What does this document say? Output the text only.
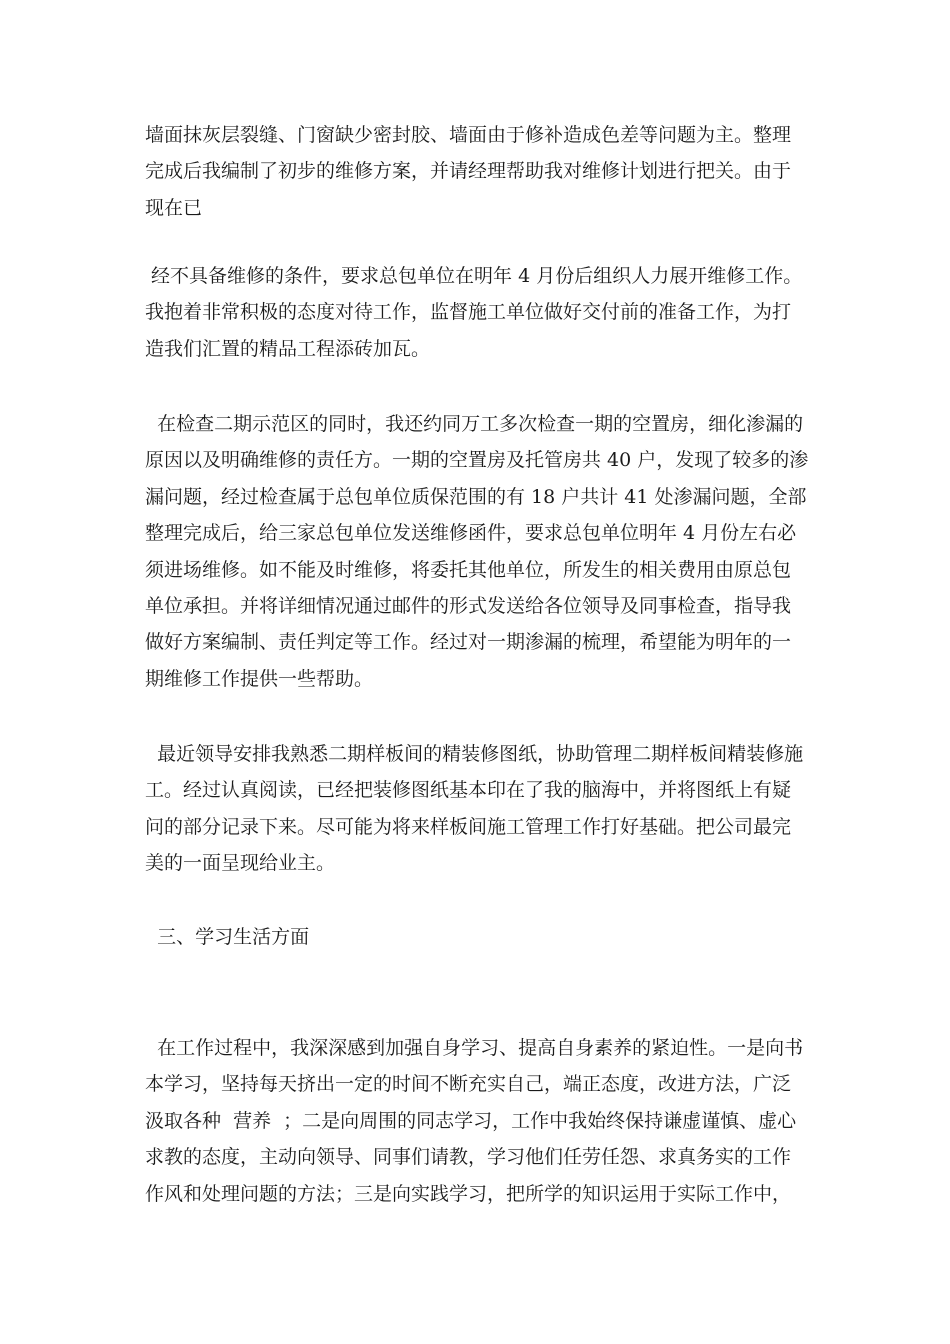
墙面抹灰层裂缝、门窗缺少密封胶、墙面由于修补造成色差等问题为主。整理
完成后我编制了初步的维修方案，并请经理帮助我对维修计划进行把关。由于
现在已
经不具备维修的条件，要求总包单位在明年 4 月份后组织人力展开维修工作。
我抱着非常积极的态度对待工作，监督施工单位做好交付前的准备工作，为打
造我们汇置的精品工程添砖加瓦。
在检查二期示范区的同时，我还约同万工多次检查一期的空置房，细化渗漏的
原因以及明确维修的责任方。一期的空置房及托管房共 40 户，发现了较多的渗
漏问题，经过检查属于总包单位质保范围的有 18 户共计 41 处渗漏问题，全部
整理完成后，给三家总包单位发送维修函件，要求总包单位明年 4 月份左右必
须进场维修。如不能及时维修，将委托其他单位，所发生的相关费用由原总包
单位承担。并将详细情况通过邮件的形式发送给各位领导及同事检查，指导我
做好方案编制、责任判定等工作。经过对一期渗漏的梳理，希望能为明年的一
期维修工作提供一些帮助。
最近领导安排我熟悉二期样板间的精装修图纸，协助管理二期样板间精装修施
工。经过认真阅读，已经把装修图纸基本印在了我的脑海中，并将图纸上有疑
问的部分记录下来。尽可能为将来样板间施工管理工作打好基础。把公司最完
美的一面呈现给业主。
三、学习生活方面
在工作过程中，我深深感到加强自身学习、提高自身素养的紧迫性。一是向书
本学习，坚持每天挤出一定的时间不断充实自己，端正态度，改进方法，广泛
汲取各种  营养  ；二是向周围的同志学习，工作中我始终保持谦虚谨慎、虚心
求教的态度，主动向领导、同事们请教，学习他们任劳任怨、求真务实的工作
作风和处理问题的方法；三是向实践学习，把所学的知识运用于实际工作中，
